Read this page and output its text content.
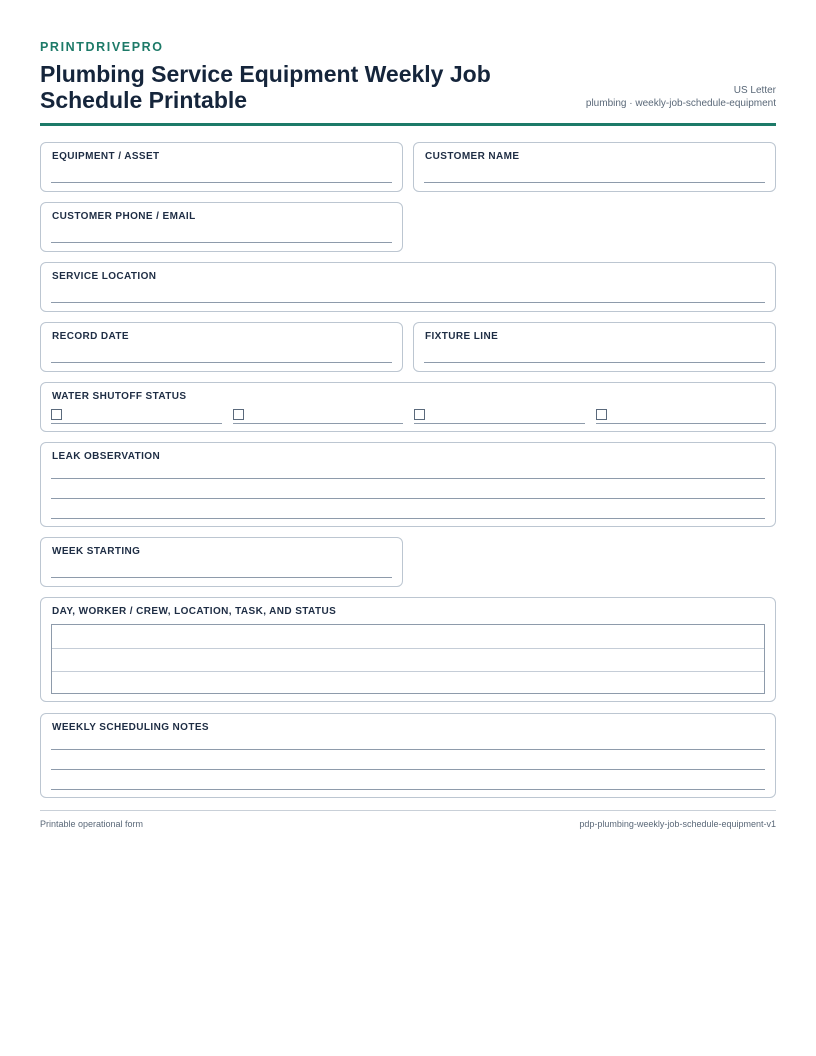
PRINTDRIVEPRO
Plumbing Service Equipment Weekly Job Schedule Printable	US Letter
plumbing · weekly-job-schedule-equipment
EQUIPMENT / ASSET	CUSTOMER NAME
CUSTOMER PHONE / EMAIL
SERVICE LOCATION
RECORD DATE	FIXTURE LINE
WATER SHUTOFF STATUS
LEAK OBSERVATION
WEEK STARTING
DAY, WORKER / CREW, LOCATION, TASK, AND STATUS
WEEKLY SCHEDULING NOTES
Printable operational form	pdp-plumbing-weekly-job-schedule-equipment-v1
